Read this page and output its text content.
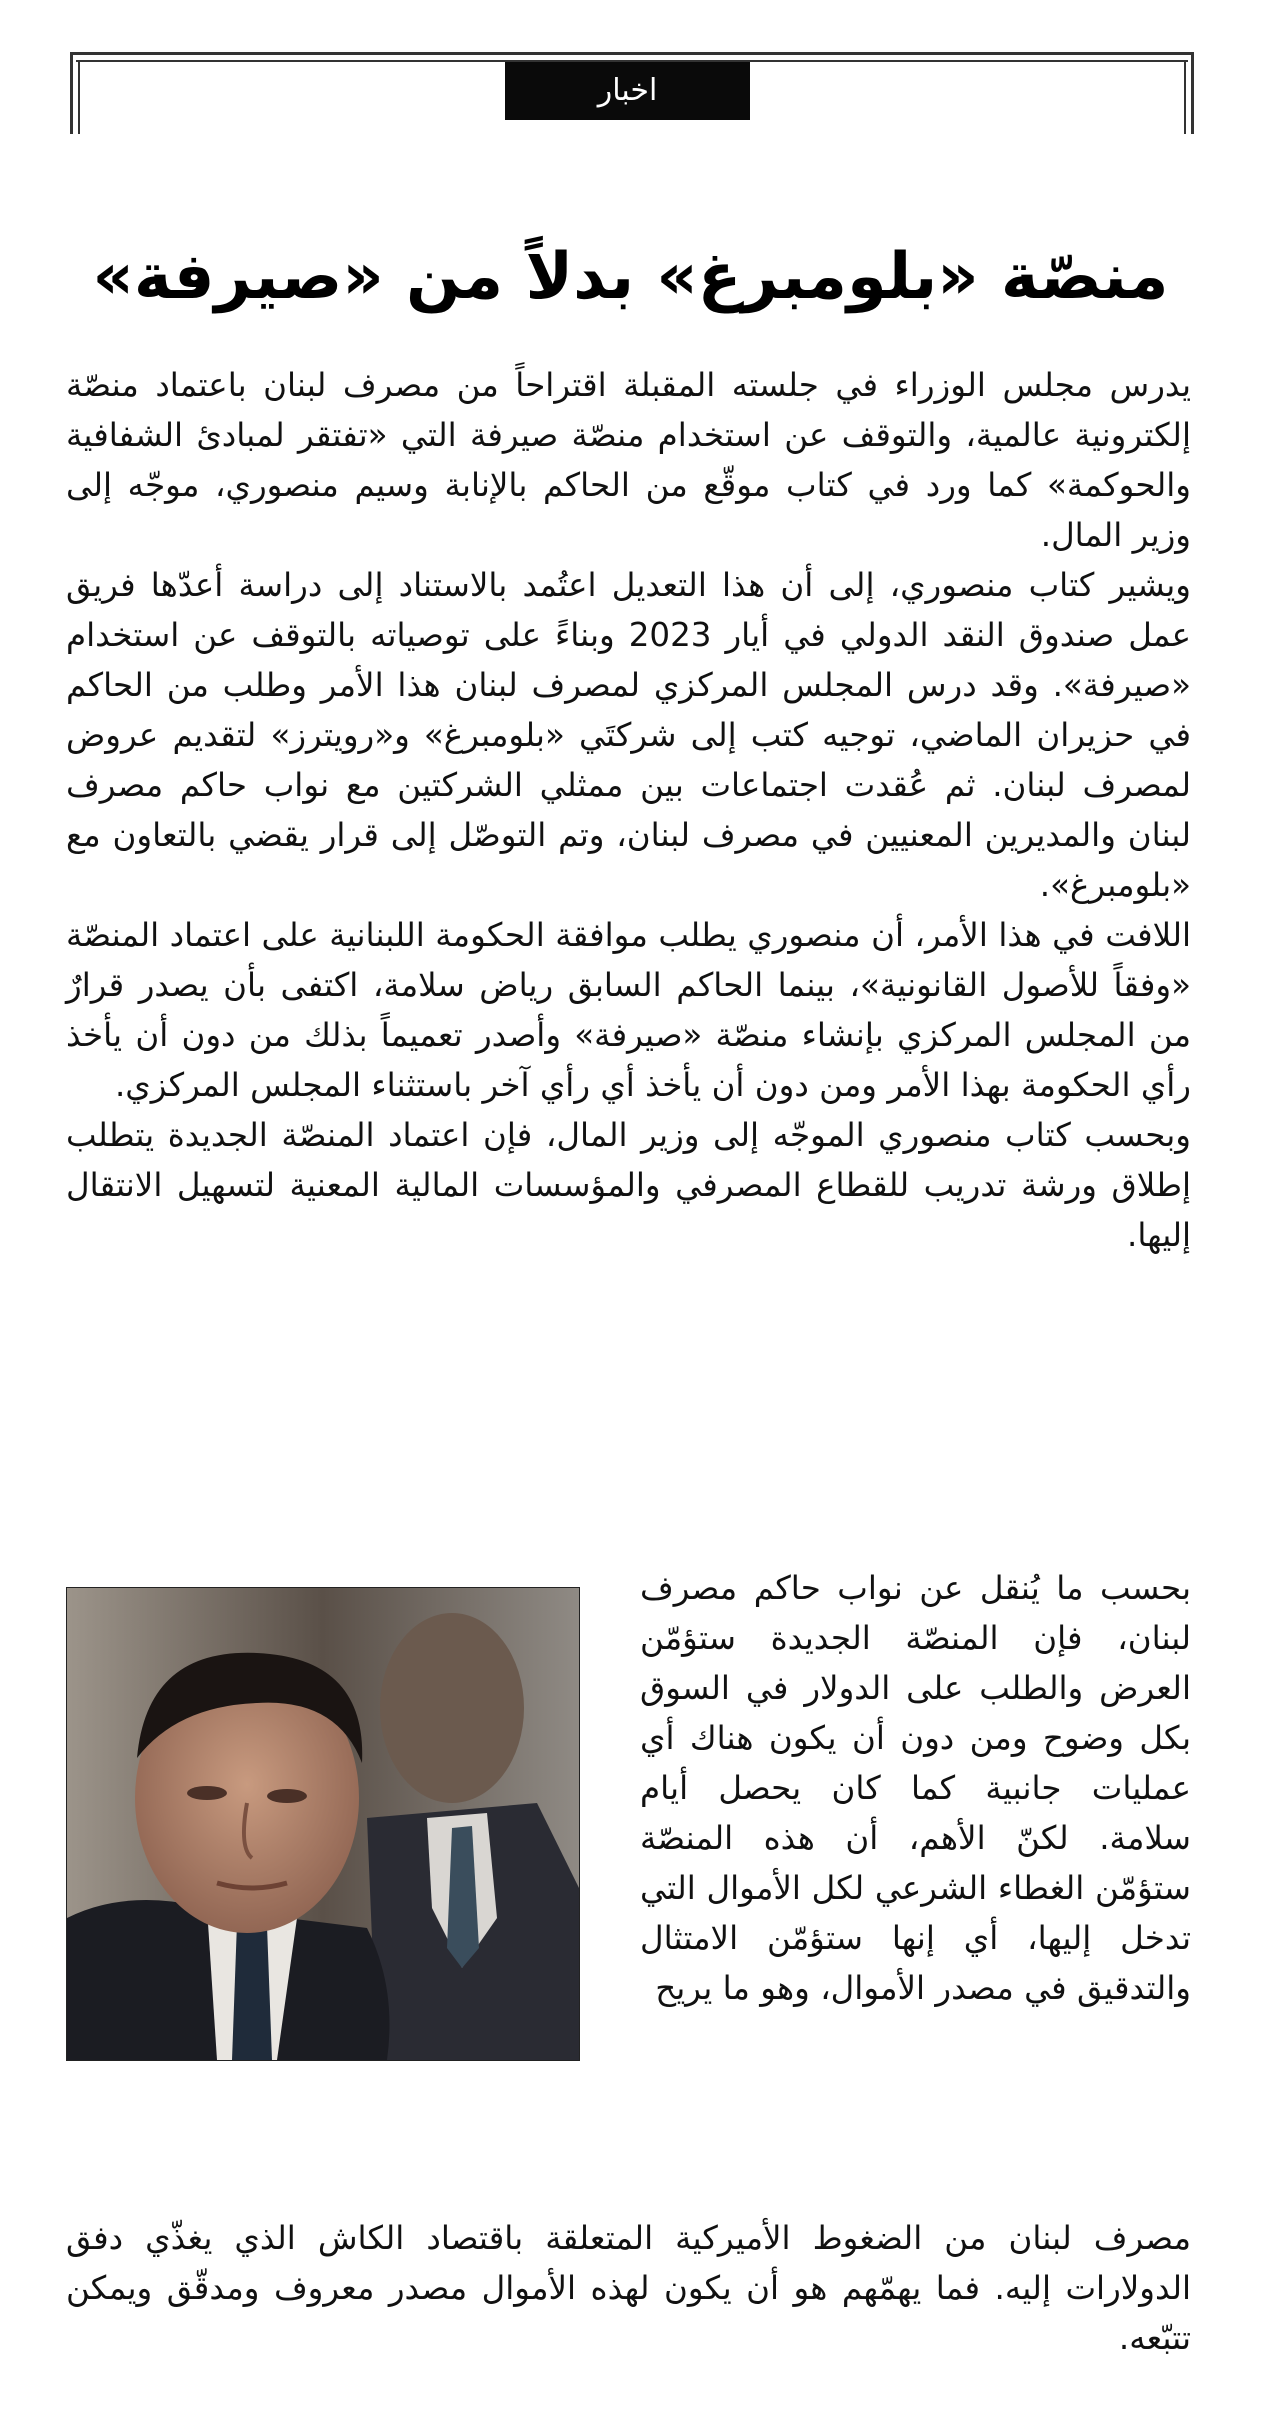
اخبار
منصّة «بلومبرغ» بدلاً من «صيرفة»

يدرس مجلس الوزراء في جلسته المقبلة اقتراحاً من مصرف لبنان باعتماد منصّة إلكترونية عالمية، والتوقف عن استخدام منصّة صيرفة التي «تفتقر لمبادئ الشفافية والحوكمة» كما ورد في كتاب موقّع من الحاكم بالإنابة وسيم منصوري، موجّه إلى وزير المال.

ويشير كتاب منصوري، إلى أن هذا التعديل اعتُمد بالاستناد إلى دراسة أعدّها فريق عمل صندوق النقد الدولي في أيار 2023 وبناءً على توصياته بالتوقف عن استخدام «صيرفة». وقد درس المجلس المركزي لمصرف لبنان هذا الأمر وطلب من الحاكم في حزيران الماضي، توجيه كتب إلى شركتَي «بلومبرغ» و«رويترز» لتقديم عروض لمصرف لبنان. ثم عُقدت اجتماعات بين ممثلي الشركتين مع نواب حاكم مصرف لبنان والمديرين المعنيين في مصرف لبنان، وتم التوصّل إلى قرار يقضي بالتعاون مع «بلومبرغ».

اللافت في هذا الأمر، أن منصوري يطلب موافقة الحكومة اللبنانية على اعتماد المنصّة «وفقاً للأصول القانونية»، بينما الحاكم السابق رياض سلامة، اكتفى بأن يصدر قرارٌ من المجلس المركزي بإنشاء منصّة «صيرفة» وأصدر تعميماً بذلك من دون أن يأخذ رأي الحكومة بهذا الأمر ومن دون أن يأخذ أي رأي آخر باستثناء المجلس المركزي.

وبحسب كتاب منصوري الموجّه إلى وزير المال، فإن اعتماد المنصّة الجديدة يتطلب إطلاق ورشة تدريب للقطاع المصرفي والمؤسسات المالية المعنية لتسهيل الانتقال إليها.

بحسب ما يُنقل عن نواب حاكم مصرف لبنان، فإن المنصّة الجديدة ستؤمّن العرض والطلب على الدولار في السوق بكل وضوح ومن دون أن يكون هناك أي عمليات جانبية كما كان يحصل أيام سلامة. لكنّ الأهم، أن هذه المنصّة ستؤمّن الغطاء الشرعي لكل الأموال التي تدخل إليها، أي إنها ستؤمّن الامتثال والتدقيق في مصدر الأموال، وهو ما يريح

مصرف لبنان من الضغوط الأميركية المتعلقة باقتصاد الكاش الذي يغذّي دفق الدولارات إليه. فما يهمّهم هو أن يكون لهذه الأموال مصدر معروف ومدقّق ويمكن تتبّعه.
